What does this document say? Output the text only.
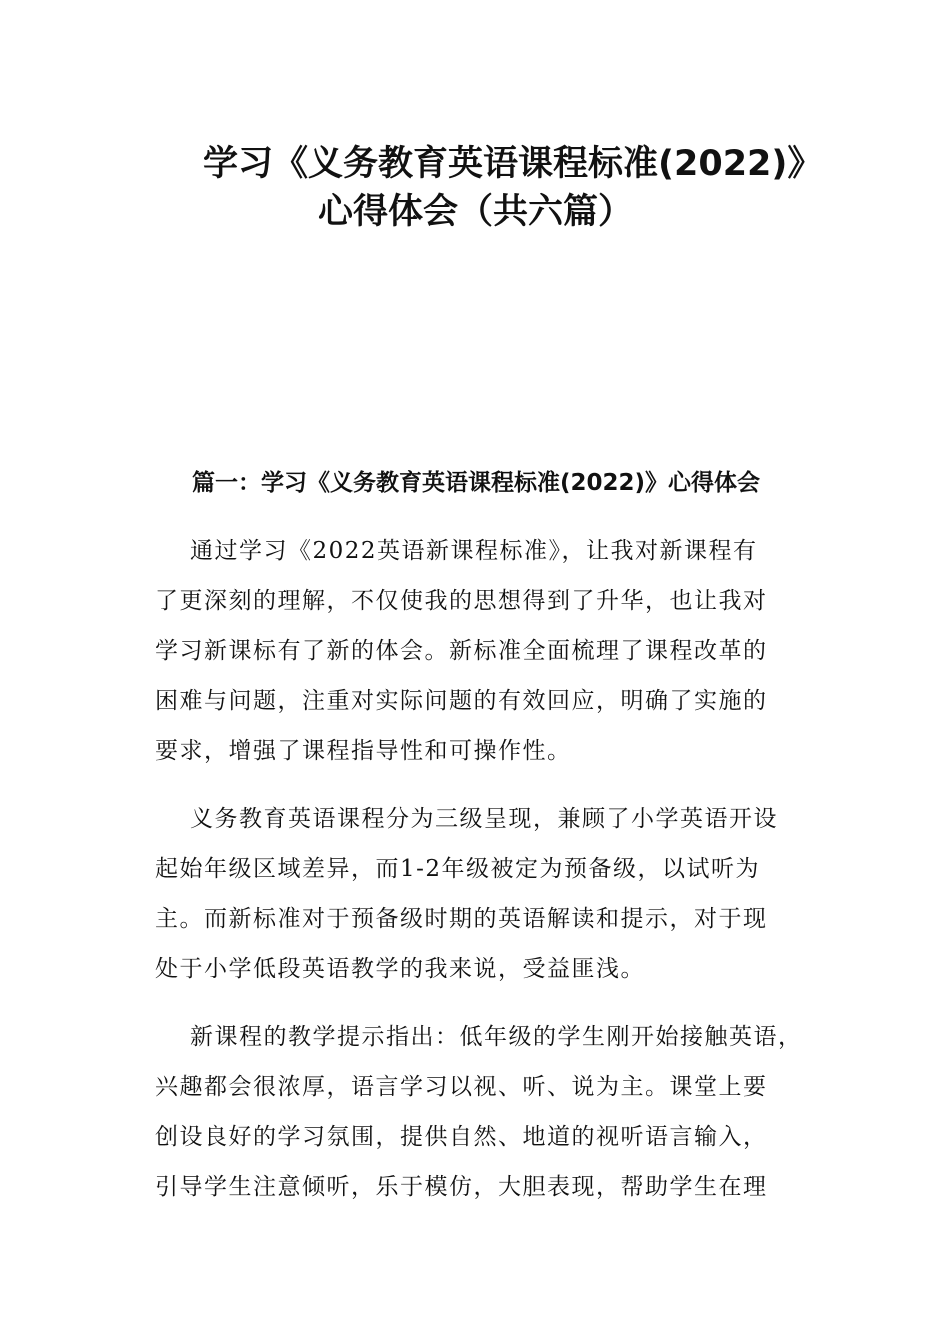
学习《义务教育英语课程标准(2022)》
心得体会（共六篇）
篇一：学习《义务教育英语课程标准(2022)》心得体会
通过学习《2022英语新课程标准》，让我对新课程有
了更深刻的理解，不仅使我的思想得到了升华，也让我对
学习新课标有了新的体会。新标准全面梳理了课程改革的
困难与问题，注重对实际问题的有效回应，明确了实施的
要求，增强了课程指导性和可操作性。
义务教育英语课程分为三级呈现，兼顾了小学英语开设
起始年级区域差异，而1-2年级被定为预备级，以试听为
主。而新标准对于预备级时期的英语解读和提示，对于现
处于小学低段英语教学的我来说，受益匪浅。
新课程的教学提示指出：低年级的学生刚开始接触英语，
兴趣都会很浓厚，语言学习以视、听、说为主。课堂上要
创设良好的学习氛围，提供自然、地道的视听语言输入，
引导学生注意倾听，乐于模仿，大胆表现，帮助学生在理
